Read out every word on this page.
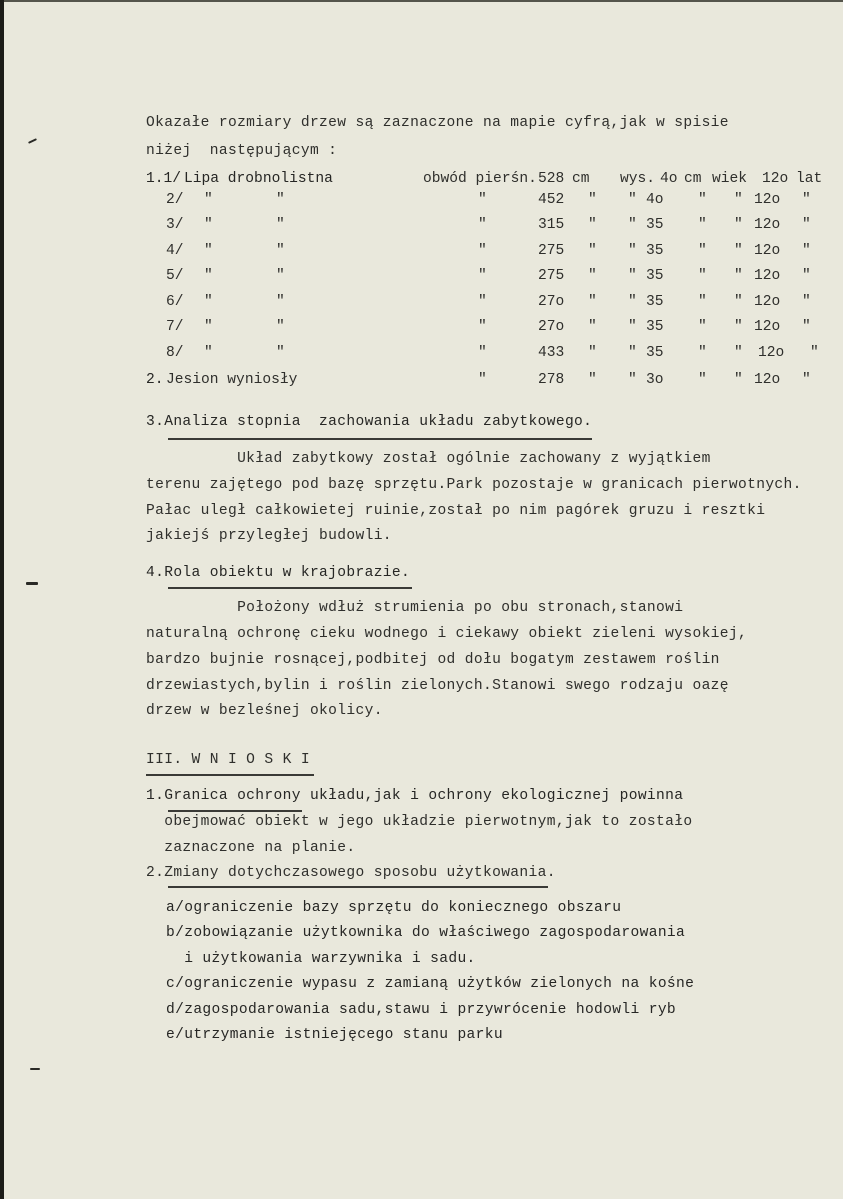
Okazałe rozmiary drzew są zaznaczone na mapie cyfrą,jak w spisie
niżej  następującym :
1.1/ Lipa drobnolistna	obwód pierśn. 528 cm wys. 4o cm wiek 12o lat
2/ "	"	"	452 " " 4o " " 12o "
3/ "	"	"	315 " " 35 " " 12o "
4/ "	"	"	275 " " 35 " " 12o "
5/ "	"	"	275 " " 35 " " 12o "
6/ "	"	"	27o " " 35 " " 12o "
7/ "	"	"	27o " " 35 " " 12o "
8/ "	"	"	433 " " 35 " " 12o "
2. Jesion wyniosły	"	278 " " 3o " " 12o "
3.Analiza stopnia  zachowania układu zabytkowego.
Układ zabytkowy został ogólnie zachowany z wyjątkiem
terenu zajętego pod bazę sprzętu.Park pozostaje w granicach pierwotnych.
Pałac uległ całkowietej ruinie,został po nim pagórek gruzu i resztki
jakiejś przyległej budowli.
4.Rola obiektu w krajobrazie.
Położony wdłuż strumienia po obu stronach,stanowi
naturalną ochronę cieku wodnego i ciekawy obiekt zieleni wysokiej,
bardzo bujnie rosnącej,podbitej od dołu bogatym zestawem roślin
drzewiastych,bylin i roślin zielonych.Stanowi swego rodzaju oazę
drzew w bezleśnej okolicy.
III. W N I O S K I
1.Granica ochrony układu,jak i ochrony ekologicznej powinna
obejmować obiekt w jego układzie pierwotnym,jak to zostało
zaznaczone na planie.
2.Zmiany dotychczasowego sposobu użytkowania.
a/ograniczenie bazy sprzętu do koniecznego obszaru
b/zobowiązanie użytkownika do właściwego zagospodarowania
i użytkowania warzywnika i sadu.
c/ograniczenie wypasu z zamianą użytków zielonych na kośne
d/zagospodarowania sadu,stawu i przywrócenie hodowli ryb
e/utrzymanie istniejęcego stanu parku
